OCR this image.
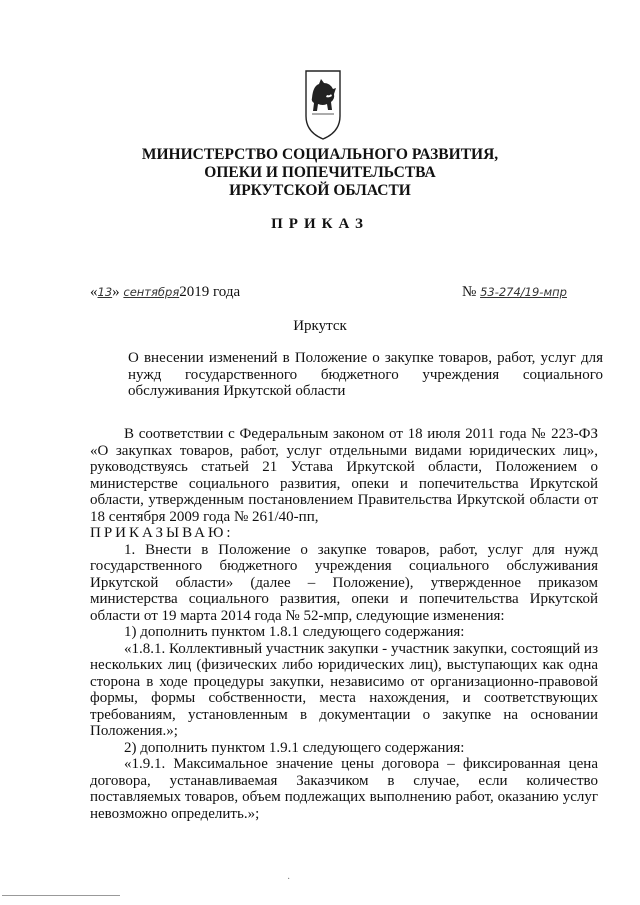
МИНИСТЕРСТВО СОЦИАЛЬНОГО РАЗВИТИЯ,
ОПЕКИ И ПОПЕЧИТЕЛЬСТВА
ИРКУТСКОЙ ОБЛАСТИ
ПРИКАЗ
«13» сентября2019 года	№ 53-274/19-мпр
Иркутск
О внесении изменений в Положение о закупке товаров, работ, услуг для нужд государственного бюджетного учреждения социального обслуживания Иркутской области

В соответствии с Федеральным законом от 18 июля 2011 года № 223-ФЗ «О закупках товаров, работ, услуг отдельными видами юридических лиц», руководствуясь статьей 21 Устава Иркутской области, Положением о министерстве социального развития, опеки и попечительства Иркутской области, утвержденным постановлением Правительства Иркутской области от 18 сентября 2009 года № 261/40-пп,

ПРИКАЗЫВАЮ:

1. Внести в Положение о закупке товаров, работ, услуг для нужд государственного бюджетного учреждения социального обслуживания Иркутской области» (далее – Положение), утвержденное приказом министерства социального развития, опеки и попечительства Иркутской области от 19 марта 2014 года № 52-мпр, следующие изменения:

1) дополнить пунктом 1.8.1 следующего содержания:

«1.8.1. Коллективный участник закупки - участник закупки, состоящий из нескольких лиц (физических либо юридических лиц), выступающих как одна сторона в ходе процедуры закупки, независимо от организационно-правовой формы, формы собственности, места нахождения, и соответствующих требованиям, установленным в документации о закупке на основании Положения.»;

2) дополнить пунктом 1.9.1 следующего содержания:

«1.9.1. Максимальное значение цены договора – фиксированная цена договора, устанавливаемая Заказчиком в случае, если количество поставляемых товаров, объем подлежащих выполнению работ, оказанию услуг невозможно определить.»;

·
